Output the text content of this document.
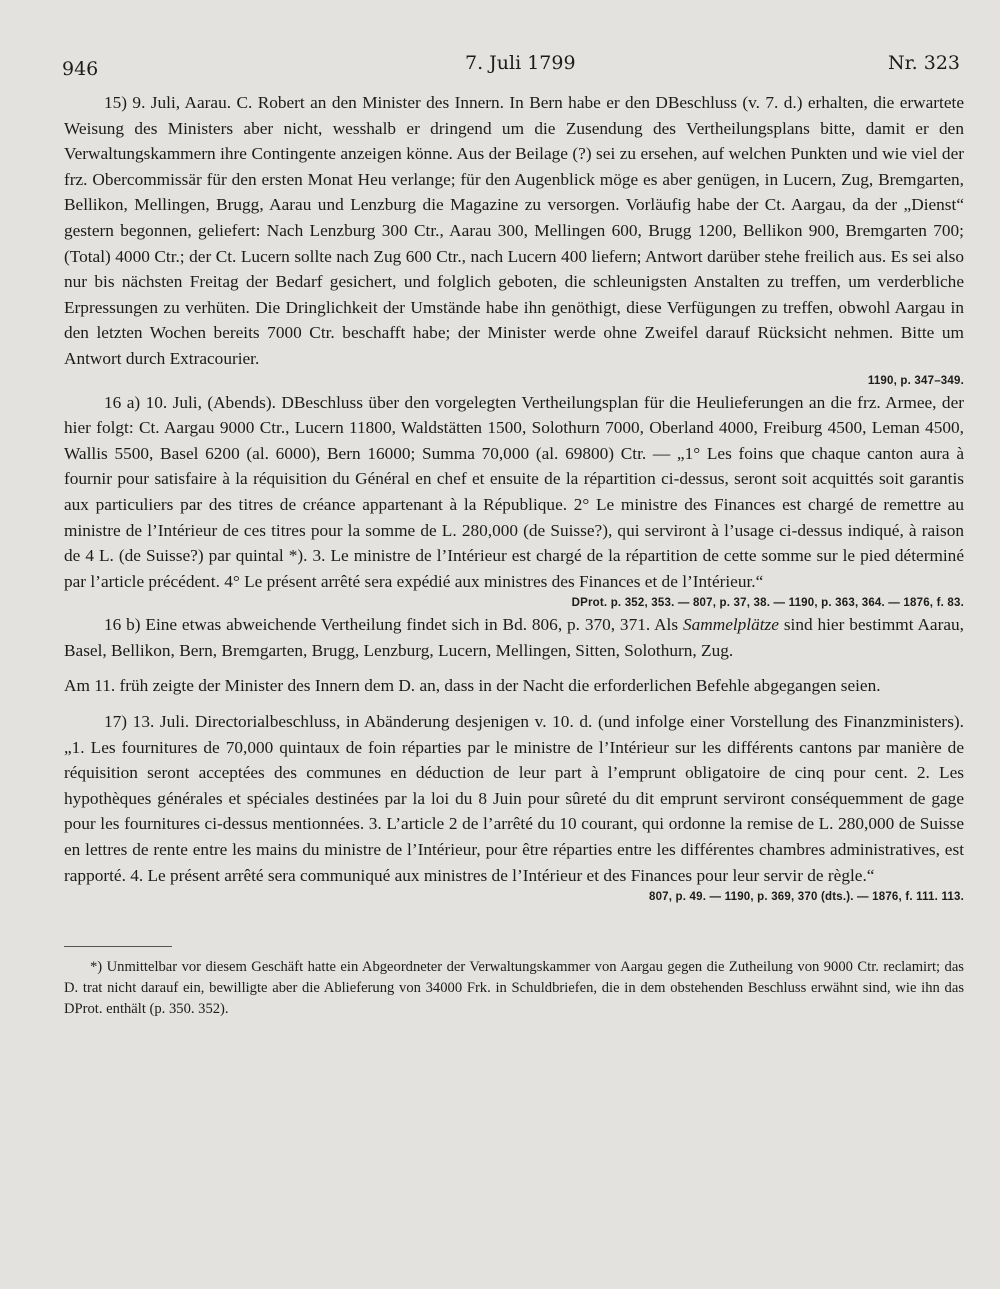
946	7. Juli 1799	Nr. 323

15) 9. Juli, Aarau. C. Robert an den Minister des Innern. In Bern habe er den DBeschluss (v. 7. d.) erhalten, die erwartete Weisung des Ministers aber nicht, wesshalb er dringend um die Zusendung des Vertheilungsplans bitte, damit er den Verwaltungskammern ihre Contingente anzeigen könne. Aus der Beilage (?) sei zu ersehen, auf welchen Punkten und wie viel der frz. Obercommissär für den ersten Monat Heu verlange; für den Augenblick möge es aber genügen, in Lucern, Zug, Bremgarten, Bellikon, Mellingen, Brugg, Aarau und Lenzburg die Magazine zu versorgen. Vorläufig habe der Ct. Aargau, da der „Dienst“ gestern begonnen, geliefert: Nach Lenzburg 300 Ctr., Aarau 300, Mellingen 600, Brugg 1200, Bellikon 900, Bremgarten 700; (Total) 4000 Ctr.; der Ct. Lucern sollte nach Zug 600 Ctr., nach Lucern 400 liefern; Antwort darüber stehe freilich aus. Es sei also nur bis nächsten Freitag der Bedarf gesichert, und folglich geboten, die schleunigsten Anstalten zu treffen, um verderbliche Erpressungen zu verhüten. Die Dringlichkeit der Umstände habe ihn genöthigt, diese Verfügungen zu treffen, obwohl Aargau in den letzten Wochen bereits 7000 Ctr. beschafft habe; der Minister werde ohne Zweifel darauf Rücksicht nehmen. Bitte um Antwort durch Extracourier.

1190, p. 347–349.

16 a) 10. Juli, (Abends). DBeschluss über den vorgelegten Vertheilungsplan für die Heulieferungen an die frz. Armee, der hier folgt: Ct. Aargau 9000 Ctr., Lucern 11800, Waldstätten 1500, Solothurn 7000, Oberland 4000, Freiburg 4500, Leman 4500, Wallis 5500, Basel 6200 (al. 6000), Bern 16000; Summa 70,000 (al. 69800) Ctr. — „1° Les foins que chaque canton aura à fournir pour satisfaire à la réquisition du Général en chef et ensuite de la répartition ci-dessus, seront soit acquittés soit garantis aux particuliers par des titres de créance appartenant à la République. 2° Le ministre des Finances est chargé de remettre au ministre de l’Intérieur de ces titres pour la somme de L. 280,000 (de Suisse?), qui serviront à l’usage ci-dessus indiqué, à raison de 4 L. (de Suisse?) par quintal *). 3. Le ministre de l’Intérieur est chargé de la répartition de cette somme sur le pied déterminé par l’article précédent. 4° Le présent arrêté sera expédié aux ministres des Finances et de l’Intérieur.“

DProt. p. 352, 353. — 807, p. 37, 38. — 1190, p. 363, 364. — 1876, f. 83.

16 b) Eine etwas abweichende Vertheilung findet sich in Bd. 806, p. 370, 371. Als Sammelplätze sind hier bestimmt Aarau, Basel, Bellikon, Bern, Bremgarten, Brugg, Lenzburg, Lucern, Mellingen, Sitten, Solothurn, Zug.

Am 11. früh zeigte der Minister des Innern dem D. an, dass in der Nacht die erforderlichen Befehle abgegangen seien.

17) 13. Juli. Directorialbeschluss, in Abänderung desjenigen v. 10. d. (und infolge einer Vorstellung des Finanzministers). „1. Les fournitures de 70,000 quintaux de foin réparties par le ministre de l’Intérieur sur les différents cantons par manière de réquisition seront acceptées des communes en déduction de leur part à l’emprunt obligatoire de cinq pour cent. 2. Les hypothèques générales et spéciales destinées par la loi du 8 Juin pour sûreté du dit emprunt serviront conséquemment de gage pour les fournitures ci-dessus mentionnées. 3. L’article 2 de l’arrêté du 10 courant, qui ordonne la remise de L. 280,000 de Suisse en lettres de rente entre les mains du ministre de l’Intérieur, pour être réparties entre les différentes chambres administratives, est rapporté. 4. Le présent arrêté sera communiqué aux ministres de l’Intérieur et des Finances pour leur servir de règle.“

807, p. 49. — 1190, p. 369, 370 (dts.). — 1876, f. 111. 113.

*) Unmittelbar vor diesem Geschäft hatte ein Abgeordneter der Verwaltungskammer von Aargau gegen die Zutheilung von 9000 Ctr. reclamirt; das D. trat nicht darauf ein, bewilligte aber die Ablieferung von 34000 Frk. in Schuldbriefen, die in dem obstehenden Beschluss erwähnt sind, wie ihn das DProt. enthält (p. 350. 352).
